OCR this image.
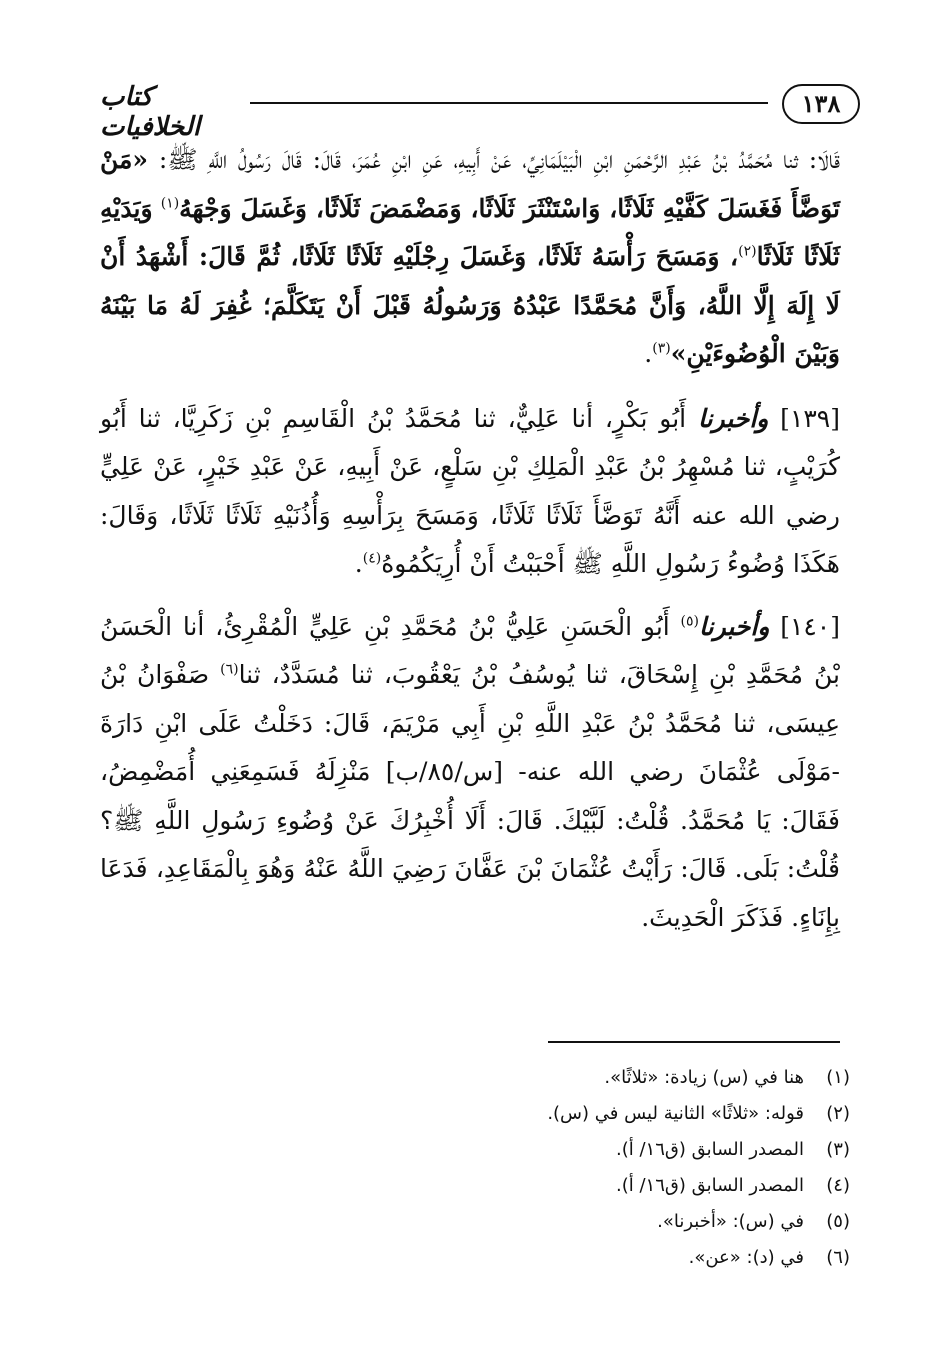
١٣٨
كتاب الخلافيات

قَالَا: ثنا مُحَمَّدُ بْنُ عَبْدِ الرَّحْمَنِ ابْنِ الْبَيْلَمَانِيِّ، عَنْ أَبِيهِ، عَنِ ابْنِ عُمَرَ، قَالَ: قَالَ رَسُولُ اللَّهِ ﷺ: «مَنْ تَوَضَّأَ فَغَسَلَ كَفَّيْهِ ثَلَاثًا، وَاسْتَنْثَرَ ثَلَاثًا، وَمَضْمَضَ ثَلَاثًا، وَغَسَلَ وَجْهَهُ$^{(١)}$ وَيَدَيْهِ ثَلَاثًا ثَلَاثًا$^{(٢)}$، وَمَسَحَ رَأْسَهُ ثَلَاثًا، وَغَسَلَ رِجْلَيْهِ ثَلَاثًا ثَلَاثًا، ثُمَّ قَالَ: أَشْهَدُ أَنْ لَا إِلَهَ إِلَّا اللَّهُ، وَأَنَّ مُحَمَّدًا عَبْدُهُ وَرَسُولُهُ قَبْلَ أَنْ يَتَكَلَّمَ؛ غُفِرَ لَهُ مَا بَيْنَهُ وَبَيْنَ الْوُضُوءَيْنِ»$^{(٣)}$.

[١٣٩] وأخبرنا أَبُو بَكْرٍ، أنا عَلِيٌّ، ثنا مُحَمَّدُ بْنُ الْقَاسِمِ بْنِ زَكَرِيَّا، ثنا أَبُو كُرَيْبٍ، ثنا مُسْهِرُ بْنُ عَبْدِ الْمَلِكِ بْنِ سَلْعٍ، عَنْ أَبِيهِ، عَنْ عَبْدِ خَيْرٍ، عَنْ عَلِيٍّ رضي الله عنه أَنَّهُ تَوَضَّأَ ثَلَاثًا ثَلَاثًا، وَمَسَحَ بِرَأْسِهِ وَأُذُنَيْهِ ثَلَاثًا ثَلَاثًا، وَقَالَ: هَكَذَا وُضُوءُ رَسُولِ اللَّهِ ﷺ أَحْبَبْتُ أَنْ أُرِيَكُمُوهُ$^{(٤)}$.

[١٤٠] وأخبرنا$^{(٥)}$ أَبُو الْحَسَنِ عَلِيُّ بْنُ مُحَمَّدِ بْنِ عَلِيٍّ الْمُقْرِئُ، أنا الْحَسَنُ بْنُ مُحَمَّدِ بْنِ إِسْحَاقَ، ثنا يُوسُفُ بْنُ يَعْقُوبَ، ثنا مُسَدَّدٌ، ثنا$^{(٦)}$ صَفْوَانُ بْنُ عِيسَى، ثنا مُحَمَّدُ بْنُ عَبْدِ اللَّهِ بْنِ أَبِي مَرْيَمَ، قَالَ: دَخَلْتُ عَلَى ابْنِ دَارَةَ -مَوْلَى عُثْمَانَ رضي الله عنه- [س/٨٥/ب] مَنْزِلَهُ فَسَمِعَنِي أُمَضْمِضُ، فَقَالَ: يَا مُحَمَّدُ. قُلْتُ: لَبَّيْكَ. قَالَ: أَلَا أُخْبِرُكَ عَنْ وُضُوءِ رَسُولِ اللَّهِ ﷺ؟ قُلْتُ: بَلَى. قَالَ: رَأَيْتُ عُثْمَانَ بْنَ عَفَّانَ رَضِيَ اللَّهُ عَنْهُ وَهُوَ بِالْمَقَاعِدِ، فَدَعَا بِإِنَاءٍ. فَذَكَرَ الْحَدِيثَ.

(١)هنا في (س) زيادة: «ثلاثًا».
(٢)قوله: «ثلاثًا» الثانية ليس في (س).
(٣)المصدر السابق (ق١٦/ أ).
(٤)المصدر السابق (ق١٦/ أ).
(٥)في (س): «أخبرنا».
(٦)في (د): «عن».
